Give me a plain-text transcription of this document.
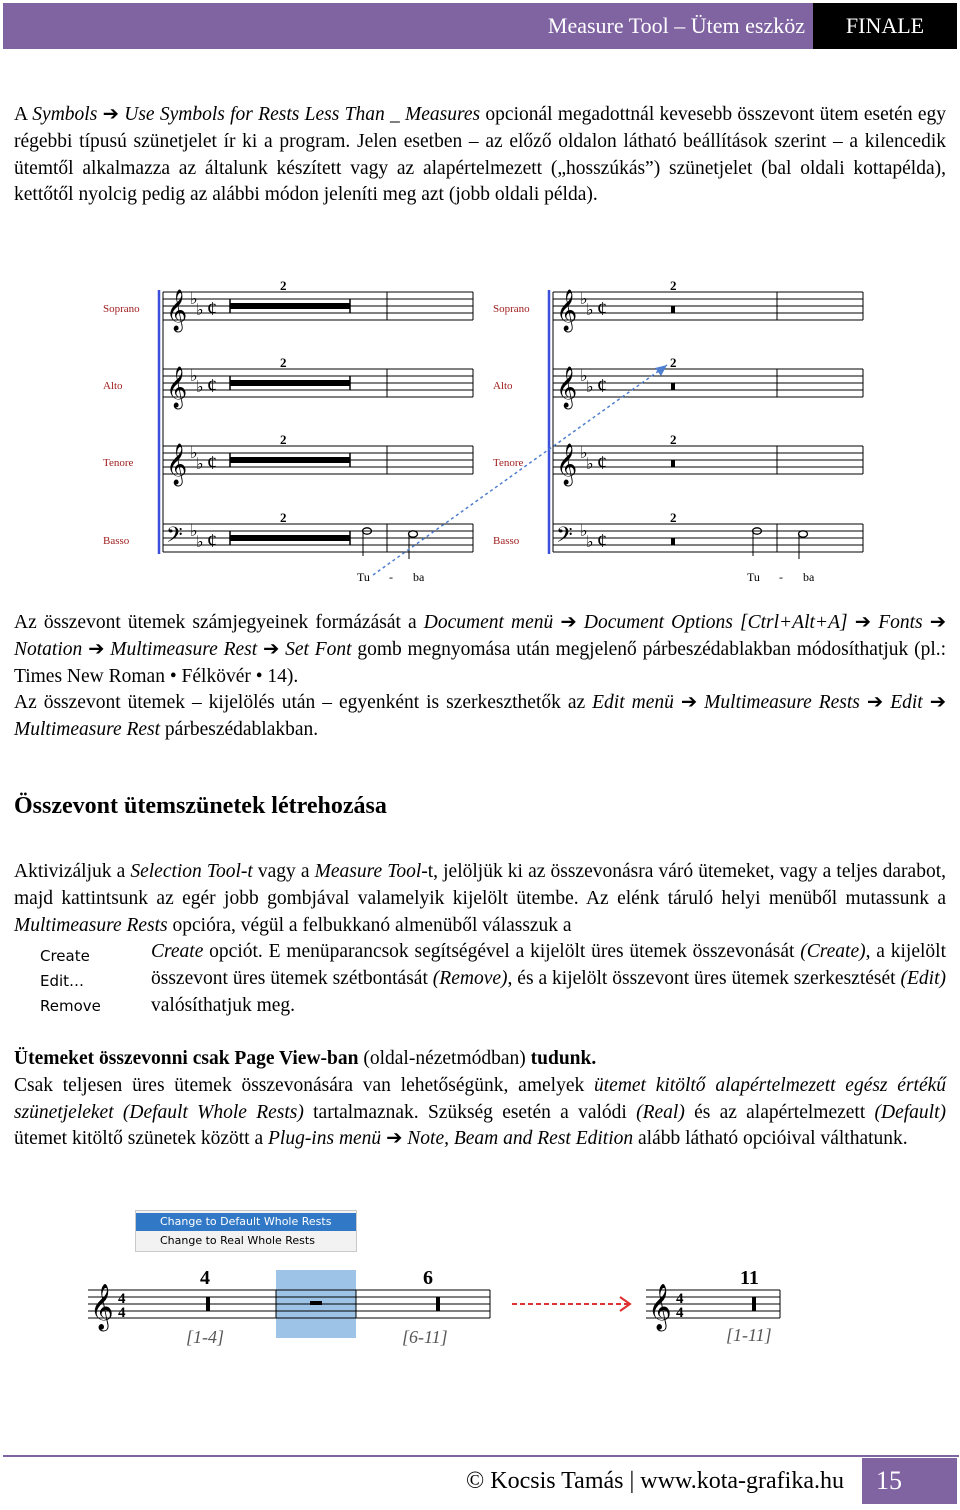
Measure Tool – Ütem eszköz	FINALE
A Symbols ➔ Use Symbols for Rests Less Than _ Measures opcionál megadottnál kevesebb összevont ütem esetén egy régebbi típusú szünetjelet ír ki a program. Jelen esetben – az előző oldalon látható beállítások szerint – a kilencedik ütemtől alkalmazza az általunk készített vagy az alapértelmezett („hosszúkás”) szünetjelet (bal oldali kottapélda), kettőtől nyolcig pedig az alábbi módon jeleníti meg azt (jobb oldali példa).
Soprano 𝄞 ♭
♭ ¢
2
Alto 𝄞 ♭
♭ ¢
2
Tenore 𝄞 ♭
♭ ¢
2
Basso 𝄢 ♭
♭ ¢
2
Soprano 𝄞 ♭
♭ ¢
2
Alto 𝄞 ♭
♭ ¢
2
Tenore 𝄞 ♭
♭ ¢
2
Basso 𝄢 ♭
♭ ¢
2
Tu - ba	Tu - ba
Az összevont ütemek számjegyeinek formázását a Document menü ➔ Document Options [Ctrl+Alt+A] ➔ Fonts ➔ Notation ➔ Multimeasure Rest ➔ Set Font gomb megnyomása után megjelenő párbeszédablakban módosíthatjuk (pl.: Times New Roman • Félkövér • 14).
Az összevont ütemek – kijelölés után – egyenként is szerkeszthetők az Edit menü ➔ Multimeasure Rests ➔ Edit ➔ Multimeasure Rest párbeszédablakban.
Összevont ütemszünetek létrehozása
Aktivizáljuk a Selection Tool-t vagy a Measure Tool-t, jelöljük ki az összevonásra váró ütemeket, vagy a teljes darabot, majd kattintsunk az egér jobb gombjával valamelyik kijelölt ütembe. Az elénk táruló helyi menüből mutassunk a Multimeasure Rests opcióra, végül a felbukkanó almenüből válasszuk a
Create opciót. E menüparancsok segítségével a kijelölt üres ütemek összevonását (Create), a kijelölt összevont üres ütemek szétbontását (Remove), és a kijelölt összevont üres ütemek szerkesztését (Edit) valósíthatjuk meg.
Create
Edit…
Remove
Ütemeket összevonni csak Page View-ban (oldal-nézetmódban) tudunk.
Csak teljesen üres ütemek összevonására van lehetőségünk, amelyek ütemet kitöltő alapértelmezett egész értékű szünetjeleket (Default Whole Rests) tartalmaznak. Szükség esetén a valódi (Real) és az alapértelmezett (Default) ütemet kitöltő szünetek között a Plug-ins menü ➔ Note, Beam and Rest Edition alább látható opcióival válthatunk.
Change to Default Whole Rests
Change to Real Whole Rests
𝄞 4
4	𝄞 4
4
4	6	11
[1-4]	[6-11]	[1-11]
© Kocsis Tamás | www.kota-grafika.hu	15
